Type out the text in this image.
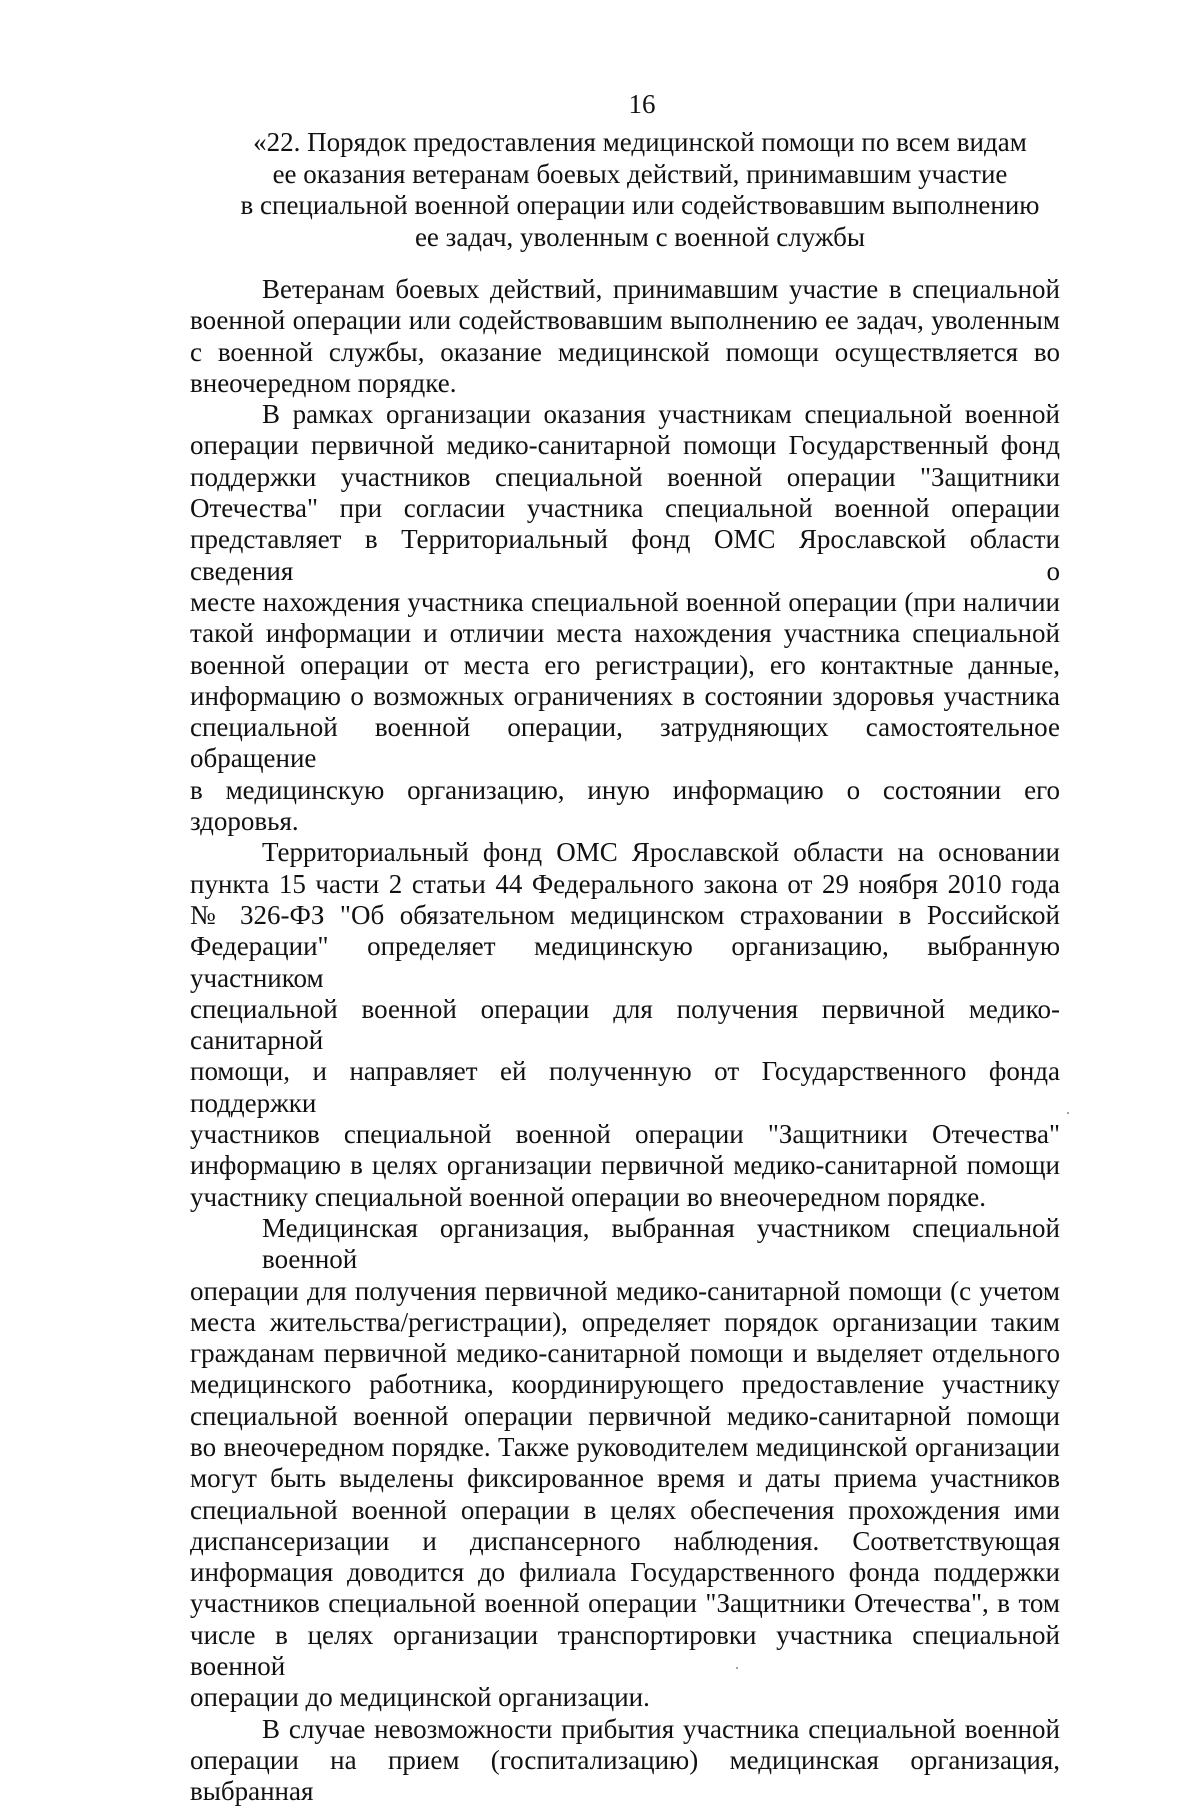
16
«22. Порядок предоставления медицинской помощи по всем видам
ее оказания ветеранам боевых действий, принимавшим участие
в специальной военной операции или содействовавшим выполнению
ее задач, уволенным с военной службы
Ветеранам боевых действий, принимавшим участие в специальной
военной операции или содействовавшим выполнению ее задач, уволенным
с военной службы, оказание медицинской помощи осуществляется во
внеочередном порядке.
В рамках организации оказания участникам специальной военной
операции первичной медико-санитарной помощи Государственный фонд
поддержки участников специальной военной операции "Защитники
Отечества" при согласии участника специальной военной операции
представляет в Территориальный фонд ОМС Ярославской области сведения о
месте нахождения участника специальной военной операции (при наличии
такой информации и отличии места нахождения участника специальной
военной операции от места его регистрации), его контактные данные,
информацию о возможных ограничениях в состоянии здоровья участника
специальной военной операции, затрудняющих самостоятельное обращение
в медицинскую организацию, иную информацию о состоянии его здоровья.
Территориальный фонд ОМС Ярославской области на основании
пункта 15 части 2 статьи 44 Федерального закона от 29 ноября 2010 года
№ 326-ФЗ "Об обязательном медицинском страховании в Российской
Федерации" определяет медицинскую организацию, выбранную участником
специальной военной операции для получения первичной медико-санитарной
помощи, и направляет ей полученную от Государственного фонда поддержки
участников специальной военной операции "Защитники Отечества"
информацию в целях организации первичной медико-санитарной помощи
участнику специальной военной операции во внеочередном порядке.
Медицинская организация, выбранная участником специальной военной
операции для получения первичной медико-санитарной помощи (с учетом
места жительства/регистрации), определяет порядок организации таким
гражданам первичной медико-санитарной помощи и выделяет отдельного
медицинского работника, координирующего предоставление участнику
специальной военной операции первичной медико-санитарной помощи
во внеочередном порядке. Также руководителем медицинской организации
могут быть выделены фиксированное время и даты приема участников
специальной военной операции в целях обеспечения прохождения ими
диспансеризации и диспансерного наблюдения. Соответствующая
информация доводится до филиала Государственного фонда поддержки
участников специальной военной операции "Защитники Отечества", в том
числе в целях организации транспортировки участника специальной военной
операции до медицинской организации.
В случае невозможности прибытия участника специальной военной
операции на прием (госпитализацию) медицинская организация, выбранная
